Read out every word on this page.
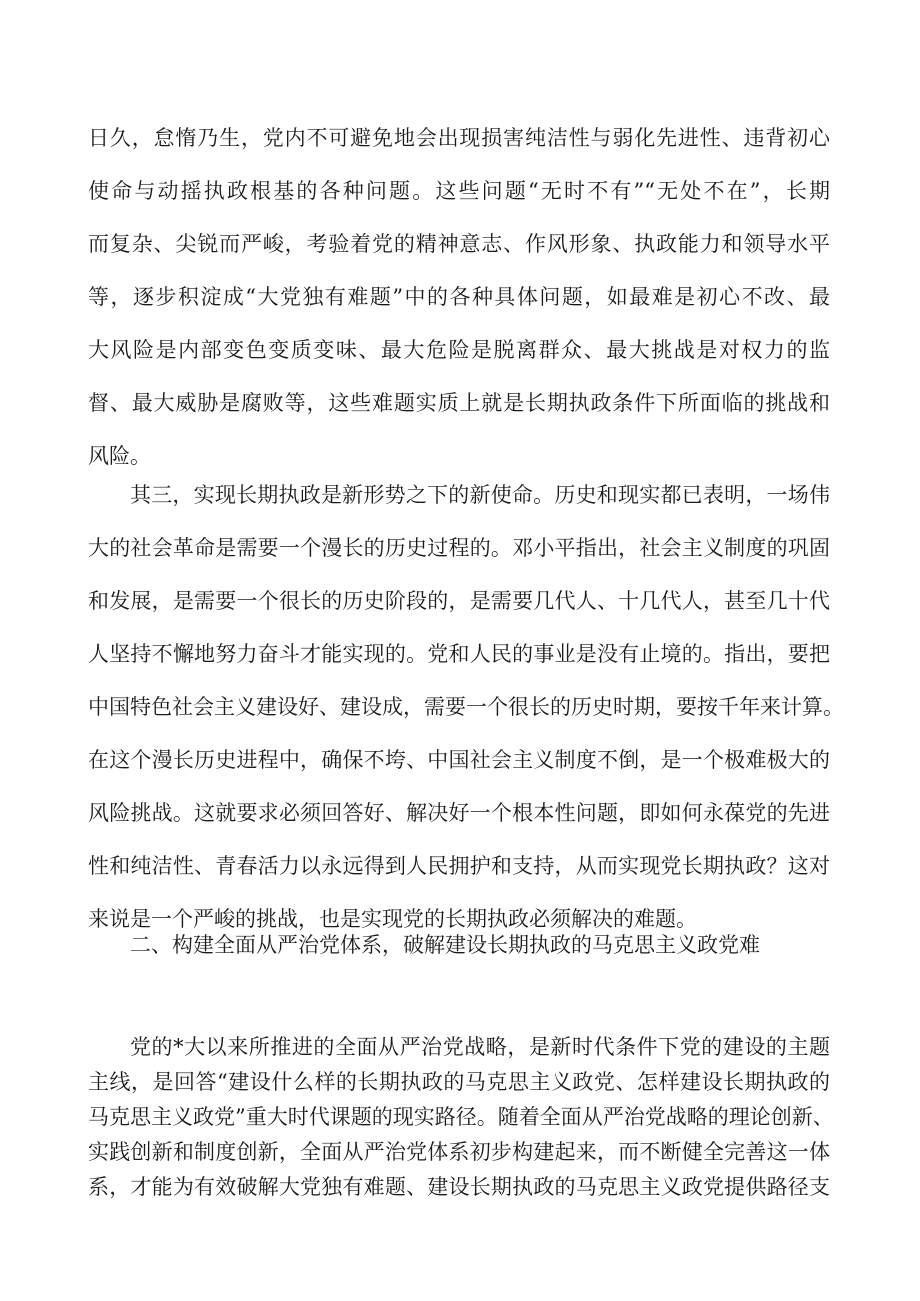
日久，怠惰乃生，党内不可避免地会出现损害纯洁性与弱化先进性、违背初心
使命与动摇执政根基的各种问题。这些问题“无时不有”“无处不在”，长期
而复杂、尖锐而严峻，考验着党的精神意志、作风形象、执政能力和领导水平
等，逐步积淀成“大党独有难题”中的各种具体问题，如最难是初心不改、最
大风险是内部变色变质变味、最大危险是脱离群众、最大挑战是对权力的监
督、最大威胁是腐败等，这些难题实质上就是长期执政条件下所面临的挑战和
风险。
其三，实现长期执政是新形势之下的新使命。历史和现实都已表明，一场伟
大的社会革命是需要一个漫长的历史过程的。邓小平指出，社会主义制度的巩固
和发展，是需要一个很长的历史阶段的，是需要几代人、十几代人，甚至几十代
人坚持不懈地努力奋斗才能实现的。党和人民的事业是没有止境的。指出，要把
中国特色社会主义建设好、建设成，需要一个很长的历史时期，要按千年来计算。
在这个漫长历史进程中，确保不垮、中国社会主义制度不倒，是一个极难极大的
风险挑战。这就要求必须回答好、解决好一个根本性问题，即如何永葆党的先进
性和纯洁性、青春活力以永远得到人民拥护和支持，从而实现党长期执政？这对
来说是一个严峻的挑战，也是实现党的长期执政必须解决的难题。
二、构建全面从严治党体系，破解建设长期执政的马克思主义政党难
党的*大以来所推进的全面从严治党战略，是新时代条件下党的建设的主题
主线，是回答“建设什么样的长期执政的马克思主义政党、怎样建设长期执政的
马克思主义政党”重大时代课题的现实路径。随着全面从严治党战略的理论创新、
实践创新和制度创新，全面从严治党体系初步构建起来，而不断健全完善这一体
系，才能为有效破解大党独有难题、建设长期执政的马克思主义政党提供路径支
